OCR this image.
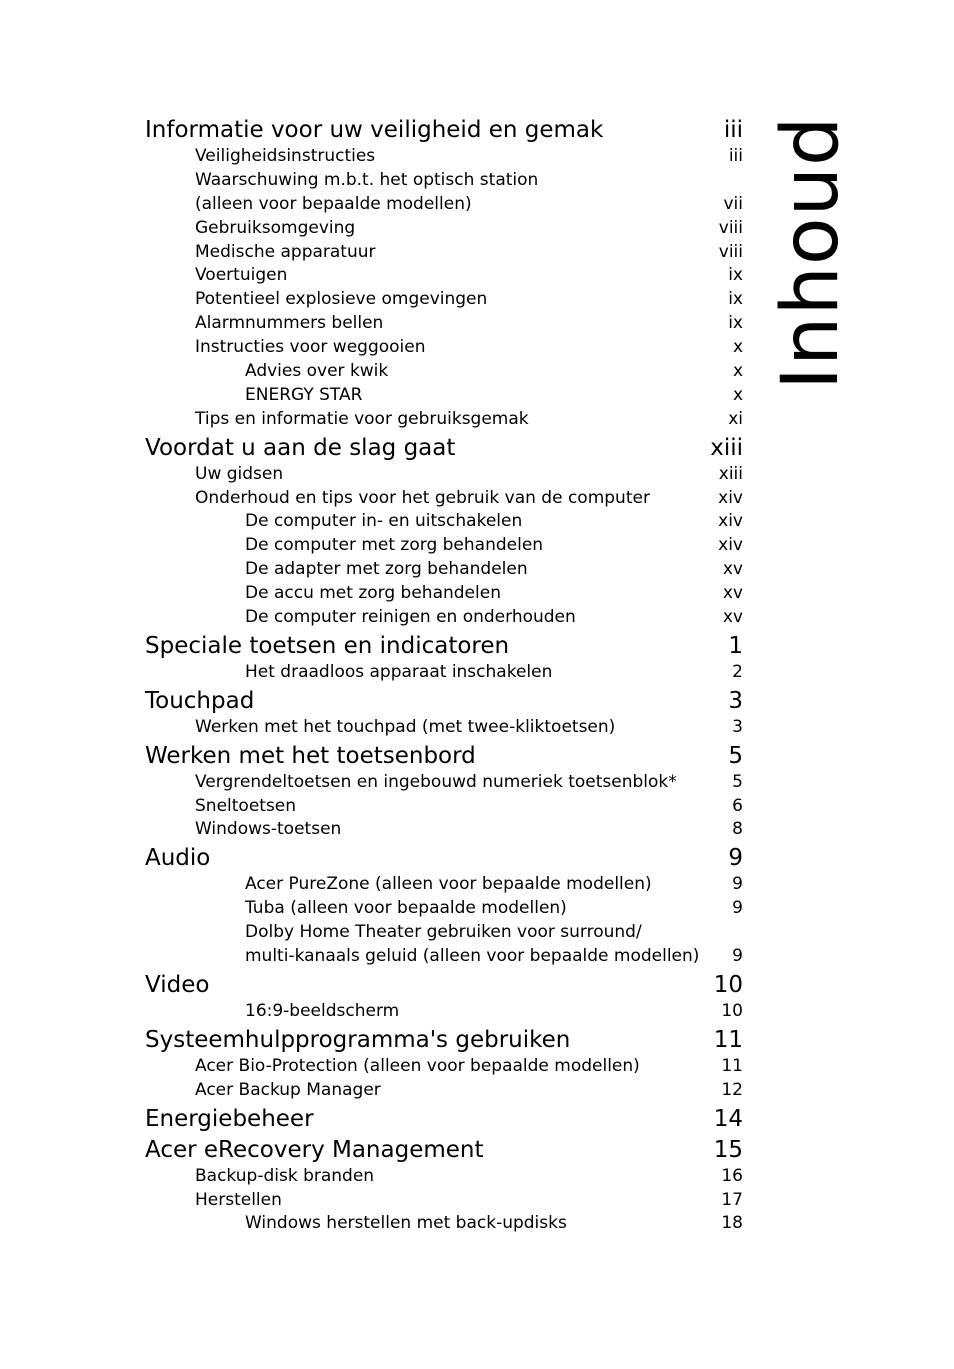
Inhoud
Informatie voor uw veiligheid en gemak	iii
Veiligheidsinstructies	iii
Waarschuwing m.b.t. het optisch station
(alleen voor bepaalde modellen)	vii
Gebruiksomgeving	viii
Medische apparatuur	viii
Voertuigen	ix
Potentieel explosieve omgevingen	ix
Alarmnummers bellen	ix
Instructies voor weggooien	x
Advies over kwik	x
ENERGY STAR	x
Tips en informatie voor gebruiksgemak	xi
Voordat u aan de slag gaat	xiii
Uw gidsen	xiii
Onderhoud en tips voor het gebruik van de computer	xiv
De computer in- en uitschakelen	xiv
De computer met zorg behandelen	xiv
De adapter met zorg behandelen	xv
De accu met zorg behandelen	xv
De computer reinigen en onderhouden	xv
Speciale toetsen en indicatoren	1
Het draadloos apparaat inschakelen	2
Touchpad	3
Werken met het touchpad (met twee-kliktoetsen)	3
Werken met het toetsenbord	5
Vergrendeltoetsen en ingebouwd numeriek toetsenblok*	5
Sneltoetsen	6
Windows-toetsen	8
Audio	9
Acer PureZone (alleen voor bepaalde modellen)	9
Tuba (alleen voor bepaalde modellen)	9
Dolby Home Theater gebruiken voor surround/
multi-kanaals geluid (alleen voor bepaalde modellen) 9
Video	10
16:9-beeldscherm	10
Systeemhulpprogramma's gebruiken	11
Acer Bio-Protection (alleen voor bepaalde modellen)	11
Acer Backup Manager	12
Energiebeheer	14
Acer eRecovery Management	15
Backup-disk branden	16
Herstellen	17
Windows herstellen met back-updisks	18
